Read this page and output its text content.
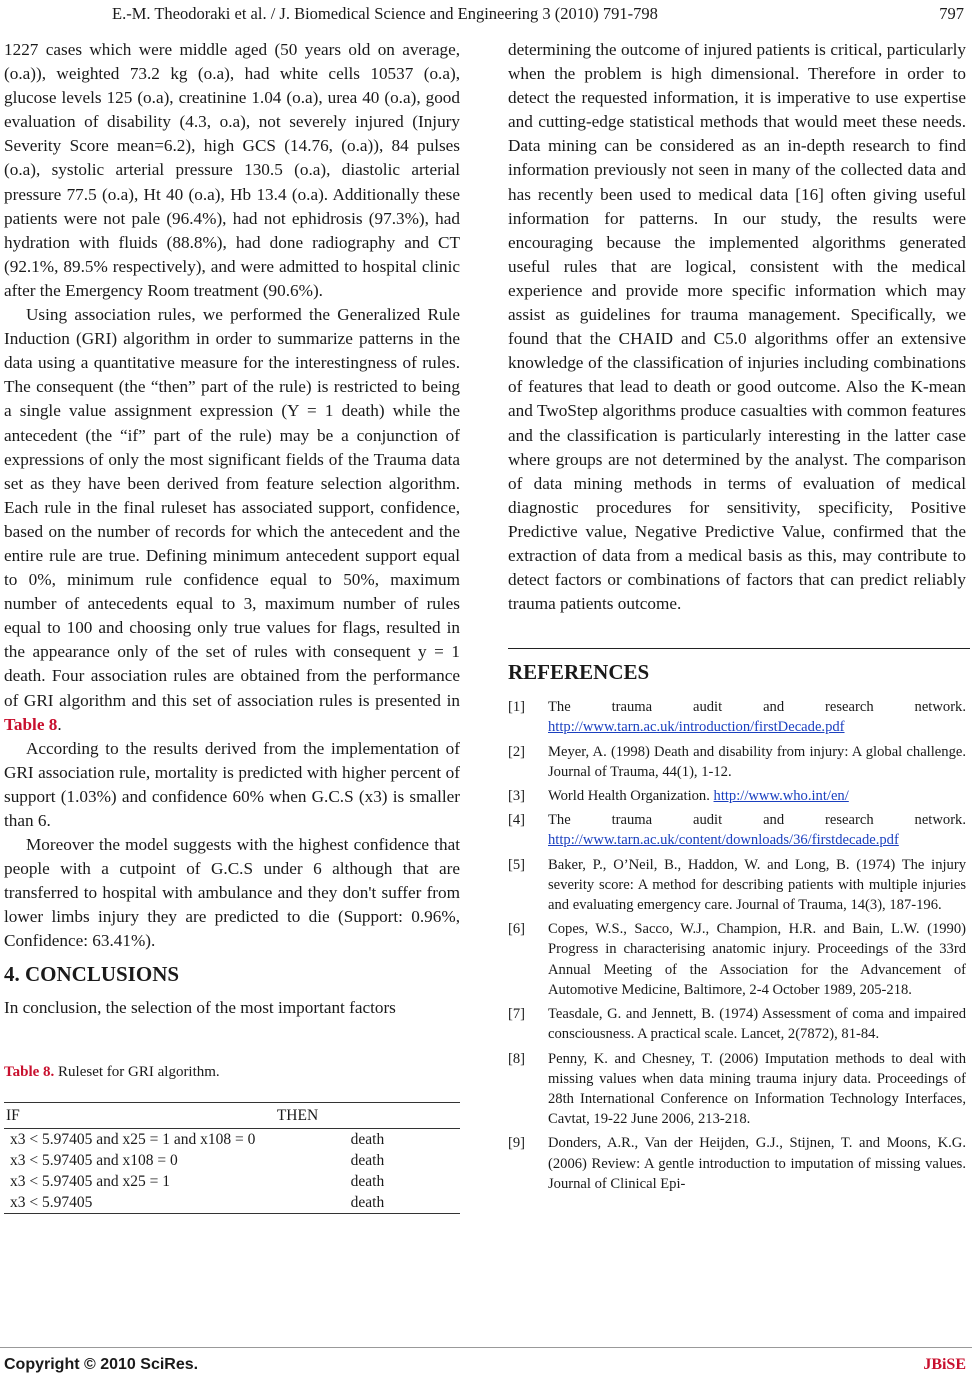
E.-M. Theodoraki et al. / J. Biomedical Science and Engineering 3 (2010) 791-798	797

1227 cases which were middle aged (50 years old on average, (o.a)), weighted 73.2 kg (o.a), had white cells 10537 (o.a), glucose levels 125 (o.a), creatinine 1.04 (o.a), urea 40 (o.a), good evaluation of disability (4.3, o.a), not severely injured (Injury Severity Score mean=6.2), high GCS (14.76, (o.a)), 84 pulses (o.a), systolic arterial pressure 130.5 (o.a), diastolic arterial pressure 77.5 (o.a), Ht 40 (o.a), Hb 13.4 (o.a). Additionally these patients were not pale (96.4%), had not ephidrosis (97.3%), had hydration with fluids (88.8%), had done radiography and CT (92.1%, 89.5% respectively), and were admitted to hospital clinic after the Emergency Room treatment (90.6%).

Using association rules, we performed the Generalized Rule Induction (GRI) algorithm in order to summarize patterns in the data using a quantitative measure for the interestingness of rules. The consequent (the “then” part of the rule) is restricted to being a single value assignment expression (Y = 1 death) while the antecedent (the “if” part of the rule) may be a conjunction of expressions of only the most significant fields of the Trauma data set as they have been derived from feature selection algorithm. Each rule in the final ruleset has associated support, confidence, based on the number of records for which the antecedent and the entire rule are true. Defining minimum antecedent support equal to 0%, minimum rule confidence equal to 50%, maximum number of antecedents equal to 3, maximum number of rules equal to 100 and choosing only true values for flags, resulted in the appearance only of the set of rules with consequent y = 1 death. Four association rules are obtained from the performance of GRI algorithm and this set of association rules is presented in Table 8.

According to the results derived from the implementation of GRI association rule, mortality is predicted with higher percent of support (1.03%) and confidence 60% when G.C.S (x3) is smaller than 6.

Moreover the model suggests with the highest confidence that people with a cutpoint of G.C.S under 6 although that are transferred to hospital with ambulance and they don't suffer from lower limbs injury they are predicted to die (Support: 0.96%, Confidence: 63.41%).

4. CONCLUSIONS

In conclusion, the selection of the most important factors

Table 8. Ruleset for GRI algorithm.
IF	THEN
x3 < 5.97405 and x25 = 1 and x108 = 0	death
x3 < 5.97405 and x108 = 0	death
x3 < 5.97405 and x25 = 1	death
x3 < 5.97405	death

determining the outcome of injured patients is critical, particularly when the problem is high dimensional. Therefore in order to detect the requested information, it is imperative to use expertise and cutting-edge statistical methods that would meet these needs. Data mining can be considered as an in-depth research to find information previously not seen in many of the collected data and has recently been used to medical data [16] often giving useful information for patterns. In our study, the results were encouraging because the implemented algorithms generated useful rules that are logical, consistent with the medical experience and provide more specific information which may assist as guidelines for trauma management. Specifically, we found that the CHAID and C5.0 algorithms offer an extensive knowledge of the classification of injuries including combinations of features that lead to death or good outcome. Also the K-mean and TwoStep algorithms produce casualties with common features and the classification is particularly interesting in the latter case where groups are not determined by the analyst. The comparison of data mining methods in terms of evaluation of medical diagnostic procedures for sensitivity, specificity, Positive Predictive value, Negative Predictive Value, confirmed that the extraction of data from a medical basis as this, may contribute to detect factors or combinations of factors that can predict reliably trauma patients outcome.

REFERENCES
[1]	The trauma audit and research network. http://www.tarn.ac.uk/introduction/firstDecade.pdf
[2]	Meyer, A. (1998) Death and disability from injury: A global challenge. Journal of Trauma, 44(1), 1-12.
[3]	World Health Organization. http://www.who.int/en/
[4]	The trauma audit and research network. http://www.tarn.ac.uk/content/downloads/36/firstdecade.pdf
[5]	Baker, P., O’Neil, B., Haddon, W. and Long, B. (1974) The injury severity score: A method for describing patients with multiple injuries and evaluating emergency care. Journal of Trauma, 14(3), 187-196.
[6]	Copes, W.S., Sacco, W.J., Champion, H.R. and Bain, L.W. (1990) Progress in characterising anatomic injury. Proceedings of the 33rd Annual Meeting of the Association for the Advancement of Automotive Medicine, Baltimore, 2-4 October 1989, 205-218.
[7]	Teasdale, G. and Jennett, B. (1974) Assessment of coma and impaired consciousness. A practical scale. Lancet, 2(7872), 81-84.
[8]	Penny, K. and Chesney, T. (2006) Imputation methods to deal with missing values when data mining trauma injury data. Proceedings of 28th International Conference on Information Technology Interfaces, Cavtat, 19-22 June 2006, 213-218.
[9]	Donders, A.R., Van der Heijden, G.J., Stijnen, T. and Moons, K.G. (2006) Review: A gentle introduction to imputation of missing values. Journal of Clinical Epi-
Copyright © 2010 SciRes.	JBiSE
